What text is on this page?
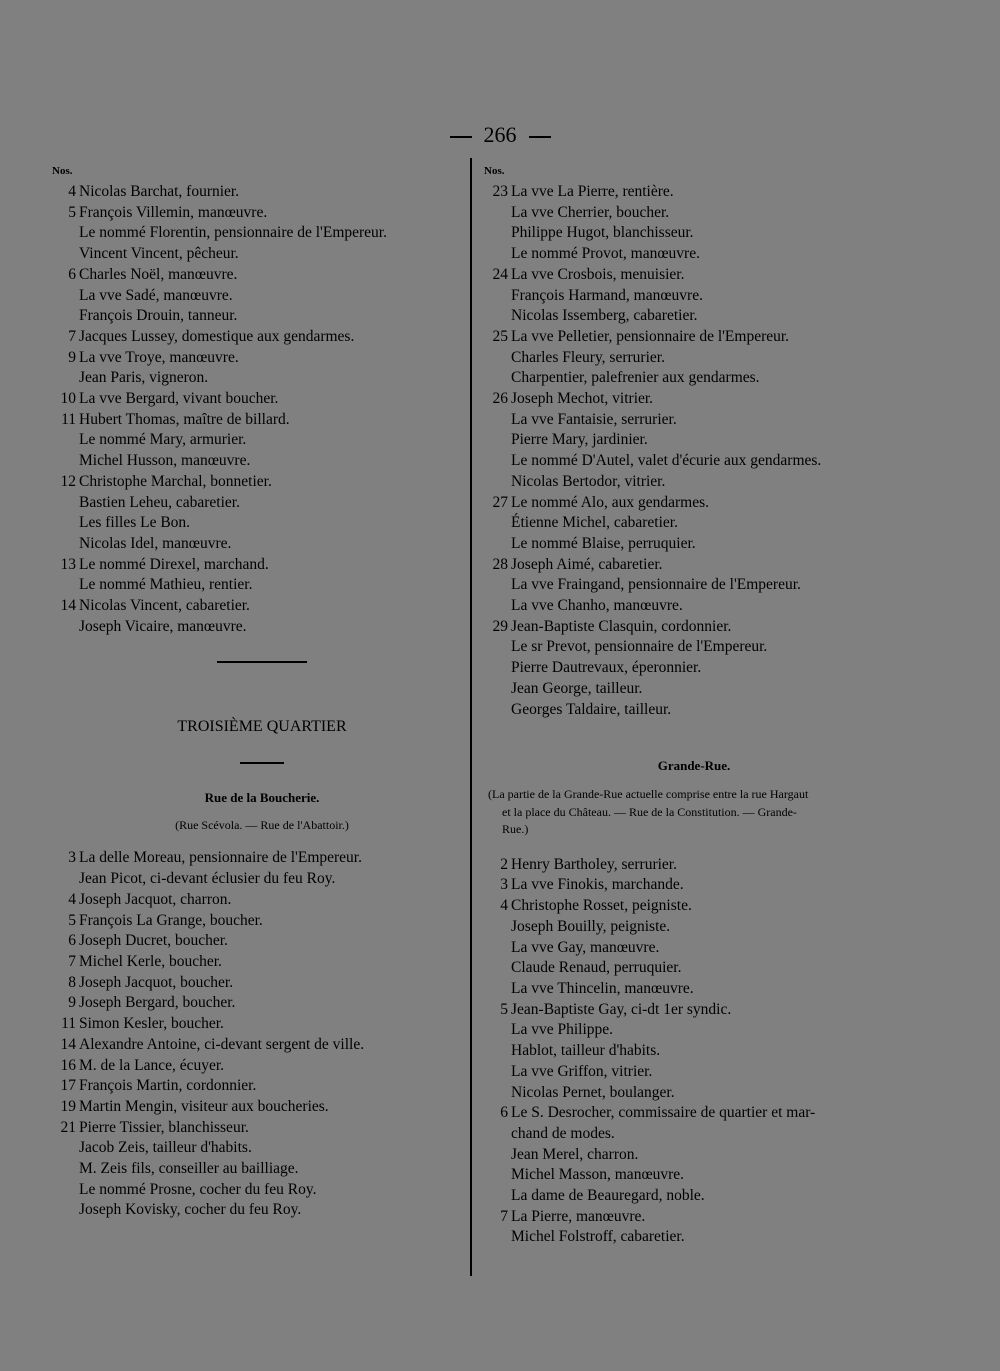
266
Nos.
4 Nicolas Barchat, fournier.
5 François Villemin, manœuvre.
Le nommé Florentin, pensionnaire de l'Empereur.
Vincent Vincent, pêcheur.
6 Charles Noël, manœuvre.
La vve Sadé, manœuvre.
François Drouin, tanneur.
7 Jacques Lussey, domestique aux gendarmes.
9 La vve Troye, manœuvre.
Jean Paris, vigneron.
10 La vve Bergard, vivant boucher.
11 Hubert Thomas, maître de billard.
Le nommé Mary, armurier.
Michel Husson, manœuvre.
12 Christophe Marchal, bonnetier.
Bastien Leheu, cabaretier.
Les filles Le Bon.
Nicolas Idel, manœuvre.
13 Le nommé Direxel, marchand.
Le nommé Mathieu, rentier.
14 Nicolas Vincent, cabaretier.
Joseph Vicaire, manœuvre.
TROISIÈME QUARTIER
Rue de la Boucherie.
(Rue Scévola. — Rue de l'Abattoir.)
3 La delle Moreau, pensionnaire de l'Empereur.
Jean Picot, ci-devant éclusier du feu Roy.
4 Joseph Jacquot, charron.
5 François La Grange, boucher.
6 Joseph Ducret, boucher.
7 Michel Kerle, boucher.
8 Joseph Jacquot, boucher.
9 Joseph Bergard, boucher.
11 Simon Kesler, boucher.
14 Alexandre Antoine, ci-devant sergent de ville.
16 M. de la Lance, écuyer.
17 François Martin, cordonnier.
19 Martin Mengin, visiteur aux boucheries.
21 Pierre Tissier, blanchisseur.
Jacob Zeis, tailleur d'habits.
M. Zeis fils, conseiller au bailliage.
Le nommé Prosne, cocher du feu Roy.
Joseph Kovisky, cocher du feu Roy.
Nos.
23 La vve La Pierre, rentière.
La vve Cherrier, boucher.
Philippe Hugot, blanchisseur.
Le nommé Provot, manœuvre.
24 La vve Crosbois, menuisier.
François Harmand, manœuvre.
Nicolas Issemberg, cabaretier.
25 La vve Pelletier, pensionnaire de l'Empereur.
Charles Fleury, serrurier.
Charpentier, palefrenier aux gendarmes.
26 Joseph Mechot, vitrier.
La vve Fantaisie, serrurier.
Pierre Mary, jardinier.
Le nommé D'Autel, valet d'écurie aux gendarmes.
Nicolas Bertodor, vitrier.
27 Le nommé Alo, aux gendarmes.
Étienne Michel, cabaretier.
Le nommé Blaise, perruquier.
28 Joseph Aimé, cabaretier.
La vve Fraingand, pensionnaire de l'Empereur.
La vve Chanho, manœuvre.
29 Jean-Baptiste Clasquin, cordonnier.
Le sr Prevot, pensionnaire de l'Empereur.
Pierre Dautrevaux, éperonnier.
Jean George, tailleur.
Georges Taldaire, tailleur.
Grande-Rue.
(La partie de la Grande-Rue actuelle comprise entre la rue Hargaut
et la place du Château. — Rue de la Constitution. — Grande-
Rue.)
2 Henry Bartholey, serrurier.
3 La vve Finokis, marchande.
4 Christophe Rosset, peigniste.
Joseph Bouilly, peigniste.
La vve Gay, manœuvre.
Claude Renaud, perruquier.
La vve Thincelin, manœuvre.
5 Jean-Baptiste Gay, ci-dt 1er syndic.
La vve Philippe.
Hablot, tailleur d'habits.
La vve Griffon, vitrier.
Nicolas Pernet, boulanger.
6 Le S. Desrocher, commissaire de quartier et mar-
chand de modes.
Jean Merel, charron.
Michel Masson, manœuvre.
La dame de Beauregard, noble.
7 La Pierre, manœuvre.
Michel Folstroff, cabaretier.
